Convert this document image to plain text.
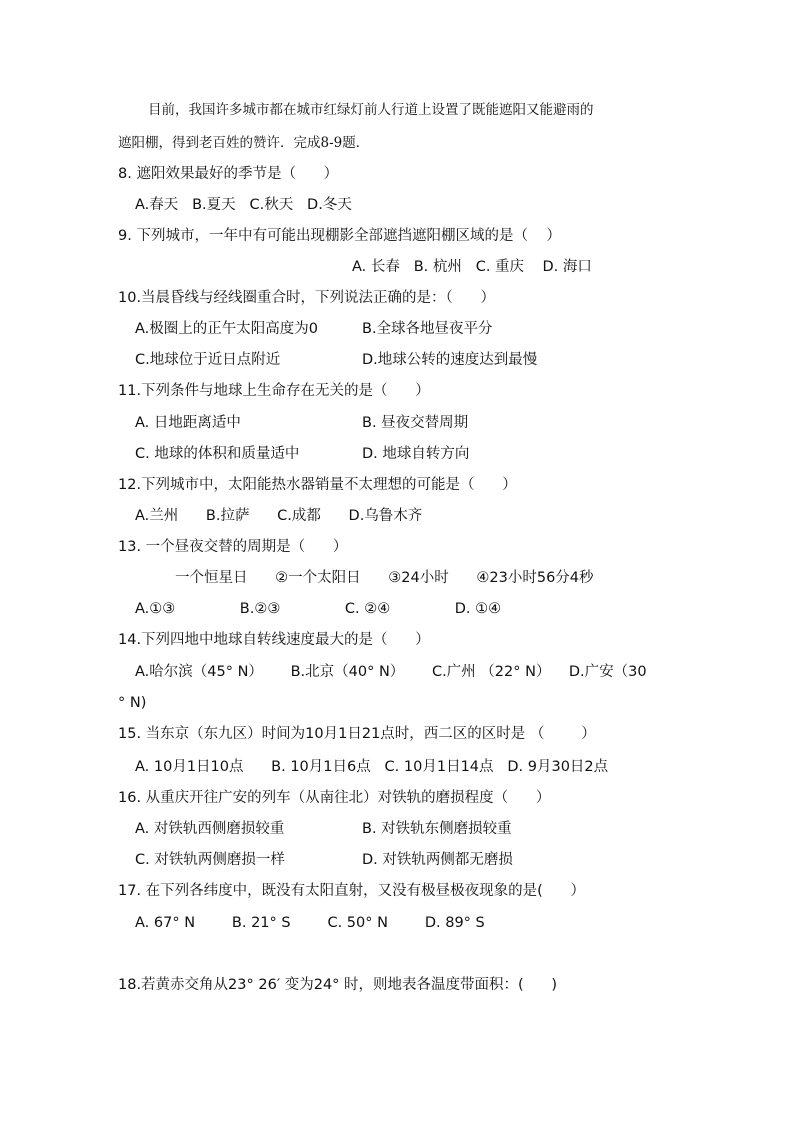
目前，我国许多城市都在城市红绿灯前人行道上设置了既能遮阳又能避雨的
遮阳棚，得到老百姓的赞许．完成8-9题．
8. 遮阳效果最好的季节是（      ）
A.春天   B.夏天   C.秋天   D.冬天
9. 下列城市，一年中有可能出现棚影全部遮挡遮阳棚区域的是（    ）
A. 长春   B. 杭州   C. 重庆    D. 海口
10.当晨昏线与经线圈重合时，下列说法正确的是：（      ）
A.极圈上的正午太阳高度为0	B.全球各地昼夜平分
C.地球位于近日点附近	D.地球公转的速度达到最慢
11.下列条件与地球上生命存在无关的是（      ）
A. 日地距离适中	B. 昼夜交替周期
C. 地球的体积和质量适中	D. 地球自转方向
12.下列城市中，太阳能热水器销量不太理想的可能是（      ）
A.兰州      B.拉萨      C.成都      D.乌鲁木齐
13. 一个昼夜交替的周期是（      ）
一个恒星日      ②一个太阳日      ③24小时      ④23小时56分4秒
A.①③              B.②③              C. ②④              D. ①④
14.下列四地中地球自转线速度最大的是（      ）
A.哈尔滨（45° N）      B.北京（40° N）      C.广州 （22° N）    D.广安（30
° N)
15. 当东京（东九区）时间为10月1日21点时，西二区的区时是 （        ）
A. 10月1日10点      B. 10月1日6点   C. 10月1日14点   D. 9月30日2点
16. 从重庆开往广安的列车（从南往北）对铁轨的磨损程度（      ）
A. 对铁轨西侧磨损较重	B. 对铁轨东侧磨损较重
C. 对铁轨两侧磨损一样	D. 对铁轨两侧都无磨损
17. 在下列各纬度中，既没有太阳直射，又没有极昼极夜现象的是(      ）
A. 67° N        B. 21° S        C. 50° N        D. 89° S
18.若黄赤交角从23° 26′ 变为24° 时，则地表各温度带面积：(      )
